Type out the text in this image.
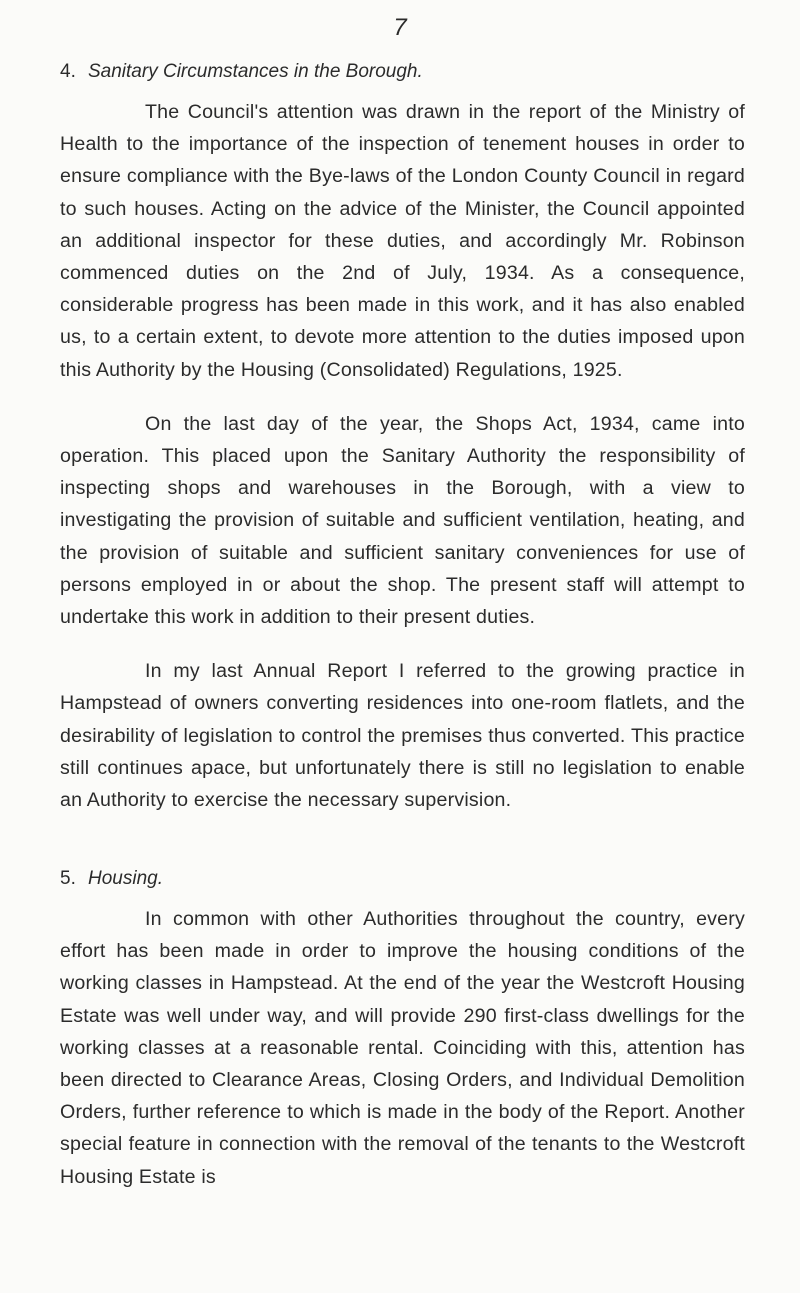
7
4. Sanitary Circumstances in the Borough.

The Council's attention was drawn in the report of the Ministry of Health to the importance of the inspection of tenement houses in order to ensure compliance with the Bye-laws of the London County Council in regard to such houses. Acting on the advice of the Minister, the Council appointed an additional inspector for these duties, and accordingly Mr. Robinson commenced duties on the 2nd of July, 1934. As a consequence, considerable progress has been made in this work, and it has also enabled us, to a certain extent, to devote more attention to the duties imposed upon this Authority by the Housing (Consolidated) Regulations, 1925.

On the last day of the year, the Shops Act, 1934, came into operation. This placed upon the Sanitary Authority the responsibility of inspecting shops and warehouses in the Borough, with a view to investigating the provision of suitable and sufficient ventilation, heating, and the provision of suitable and sufficient sanitary conveniences for use of persons employed in or about the shop. The present staff will attempt to undertake this work in addition to their present duties.

In my last Annual Report I referred to the growing practice in Hampstead of owners converting residences into one-room flatlets, and the desirability of legislation to control the premises thus converted. This practice still continues apace, but unfortunately there is still no legislation to enable an Authority to exercise the necessary supervision.

5. Housing.

In common with other Authorities throughout the country, every effort has been made in order to improve the housing conditions of the working classes in Hampstead. At the end of the year the Westcroft Housing Estate was well under way, and will provide 290 first-class dwellings for the working classes at a reasonable rental. Coinciding with this, attention has been directed to Clearance Areas, Closing Orders, and Individual Demolition Orders, further reference to which is made in the body of the Report. Another special feature in connection with the removal of the tenants to the Westcroft Housing Estate is
